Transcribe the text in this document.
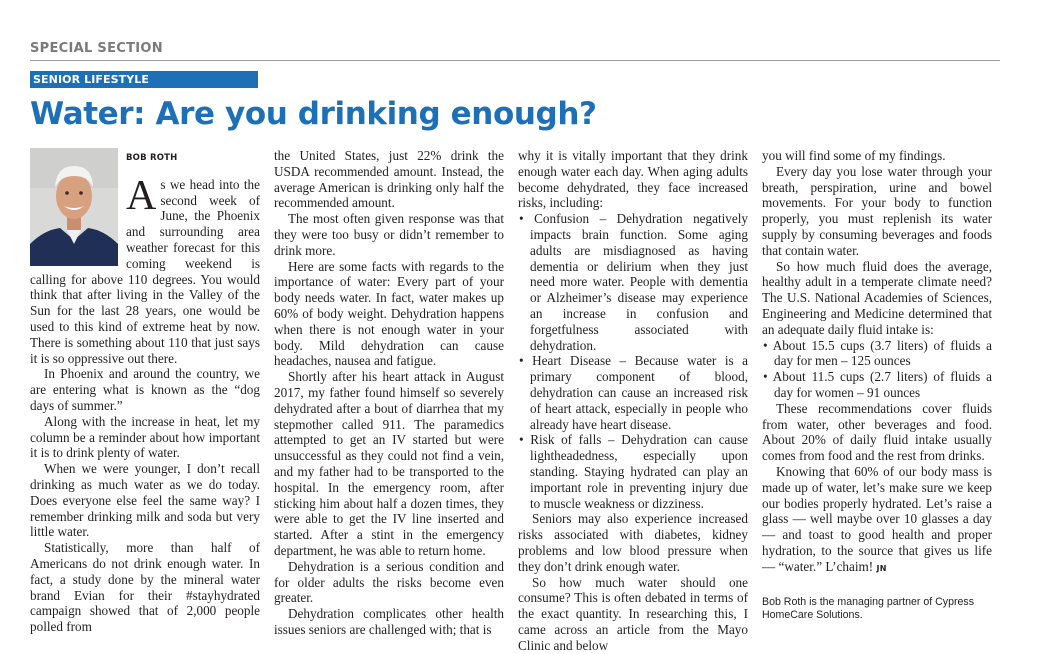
SPECIAL SECTION
SENIOR LIFESTYLE
Water: Are you drinking enough?
BOB ROTH

As we head into the second week of June, the Phoenix and surrounding area weather forecast for this coming weekend is calling for above 110 degrees. You would think that after living in the Valley of the Sun for the last 28 years, one would be used to this kind of extreme heat by now. There is something about 110 that just says it is so oppressive out there.

In Phoenix and around the country, we are entering what is known as the “dog days of summer.”

Along with the increase in heat, let my column be a reminder about how important it is to drink plenty of water.

When we were younger, I don’t recall drinking as much water as we do today. Does everyone else feel the same way? I remember drinking milk and soda but very little water.

Statistically, more than half of Americans do not drink enough water. In fact, a study done by the mineral water brand Evian for their #stayhydrated campaign showed that of 2,000 people polled from

the United States, just 22% drink the USDA recommended amount. Instead, the average American is drinking only half the recommended amount.

The most often given response was that they were too busy or didn’t remember to drink more.

Here are some facts with regards to the importance of water: Every part of your body needs water. In fact, water makes up 60% of body weight. Dehydration happens when there is not enough water in your body. Mild dehydration can cause headaches, nausea and fatigue.

Shortly after his heart attack in August 2017, my father found himself so severely dehydrated after a bout of diarrhea that my stepmother called 911. The paramedics attempted to get an IV started but were unsuccessful as they could not find a vein, and my father had to be transported to the hospital. In the emergency room, after sticking him about half a dozen times, they were able to get the IV line inserted and started. After a stint in the emergency department, he was able to return home.

Dehydration is a serious condition and for older adults the risks become even greater.

Dehydration complicates other health issues seniors are challenged with; that is

why it is vitally important that they drink enough water each day. When aging adults become dehydrated, they face increased risks, including:

• Confusion – Dehydration negatively impacts brain function. Some aging adults are misdiagnosed as having dementia or delirium when they just need more water. People with dementia or Alzheimer’s disease may experience an increase in confusion and forgetfulness associated with dehydration.
• Heart Disease – Because water is a primary component of blood, dehydration can cause an increased risk of heart attack, especially in people who already have heart disease.
• Risk of falls – Dehydration can cause lightheadedness, especially upon standing. Staying hydrated can play an important role in preventing injury due to muscle weakness or dizziness.

Seniors may also experience increased risks associated with diabetes, kidney problems and low blood pressure when they don’t drink enough water.

So how much water should one consume? This is often debated in terms of the exact quantity. In researching this, I came across an article from the Mayo Clinic and below

you will find some of my findings.

Every day you lose water through your breath, perspiration, urine and bowel movements. For your body to function properly, you must replenish its water supply by consuming beverages and foods that contain water.

So how much fluid does the average, healthy adult in a temperate climate need? The U.S. National Academies of Sciences, Engineering and Medicine determined that an adequate daily fluid intake is:

• About 15.5 cups (3.7 liters) of fluids a day for men – 125 ounces
• About 11.5 cups (2.7 liters) of fluids a day for women – 91 ounces

These recommendations cover fluids from water, other beverages and food. About 20% of daily fluid intake usually comes from food and the rest from drinks.

Knowing that 60% of our body mass is made up of water, let’s make sure we keep our bodies properly hydrated. Let’s raise a glass — well maybe over 10 glasses a day — and toast to good health and proper hydration, to the source that gives us life — “water.” L’chaim! JN

Bob Roth is the managing partner of Cypress HomeCare Solutions.
